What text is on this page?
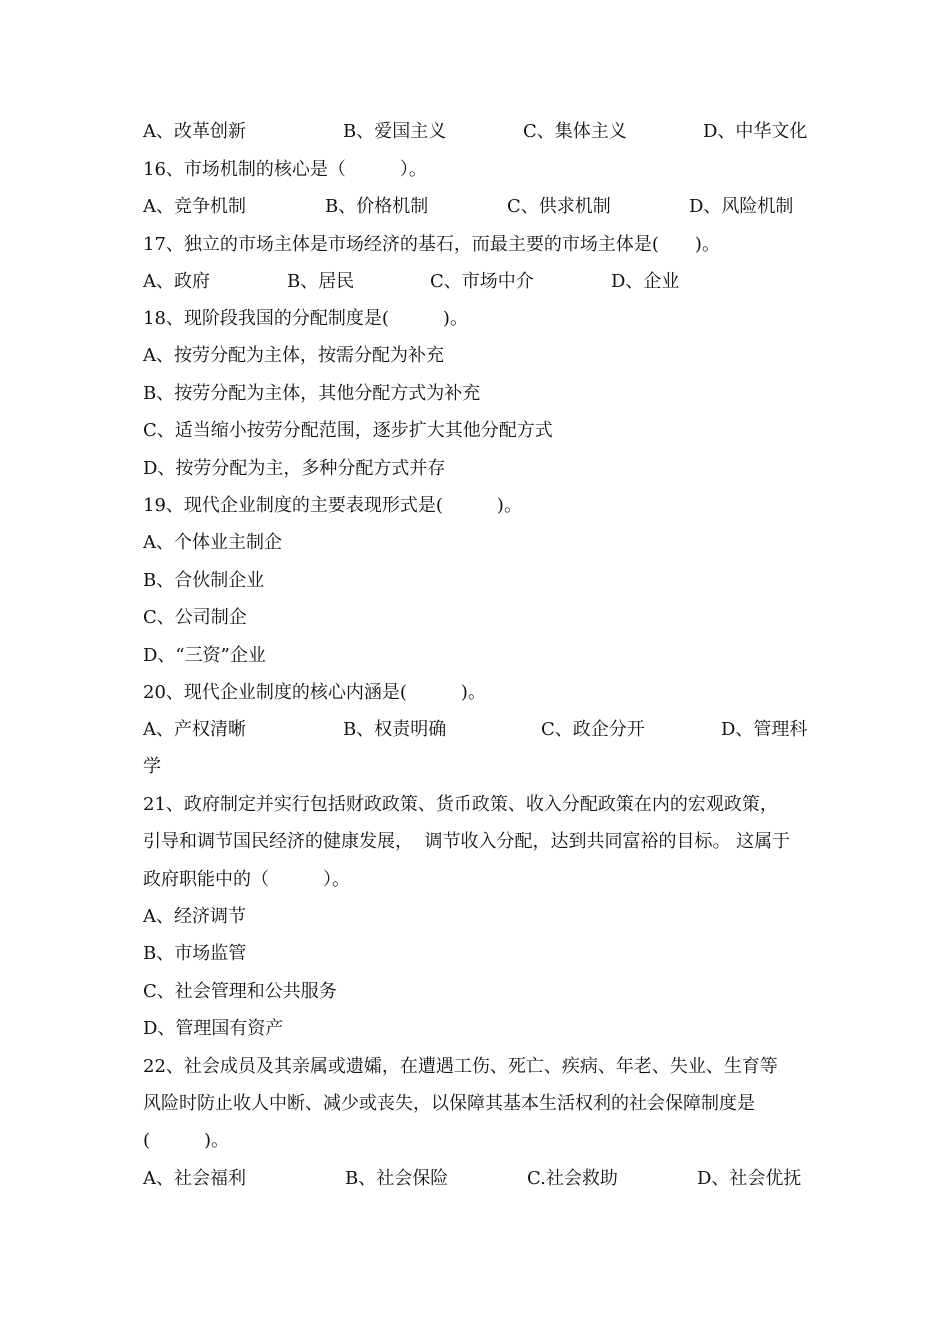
A、改革创新

	B、爱国主义

	C、集体主义

	D、中华文化

16、市场机制的核心是（　　　）。

A、竞争机制

	B、价格机制

	C、供求机制

	D、风险机制

17、独立的市场主体是市场经济的基石，而最主要的市场主体是(　　)。

A、政府

	B、居民

	C、市场中介

	D、企业

18、现阶段我国的分配制度是(　　　)。
A、按劳分配为主体，按需分配为补充
B、按劳分配为主体，其他分配方式为补充
C、适当缩小按劳分配范围，逐步扩大其他分配方式
D、按劳分配为主，多种分配方式并存
19、现代企业制度的主要表现形式是(　　　)。
A、个体业主制企
B、合伙制企业
C、公司制企
D、“三资”企业
20、现代企业制度的核心内涵是(　　　)。

A、产权清晰

	B、权责明确

	C、政企分开

	D、管理科

学
21、政府制定并实行包括财政政策、货币政策、收入分配政策在内的宏观政策，
引导和调节国民经济的健康发展，  调节收入分配，达到共同富裕的目标。 这属于
政府职能中的（　　　）。
A、经济调节
B、市场监管
C、社会管理和公共服务
D、管理国有资产
22、社会成员及其亲属或遗孀，在遭遇工伤、死亡、疾病、年老、失业、生育等
风险时防止收人中断、减少或丧失，以保障其基本生活权利的社会保障制度是
(　　　)。

A、社会福利

	B、社会保险

	C.社会救助

	D、社会优抚
